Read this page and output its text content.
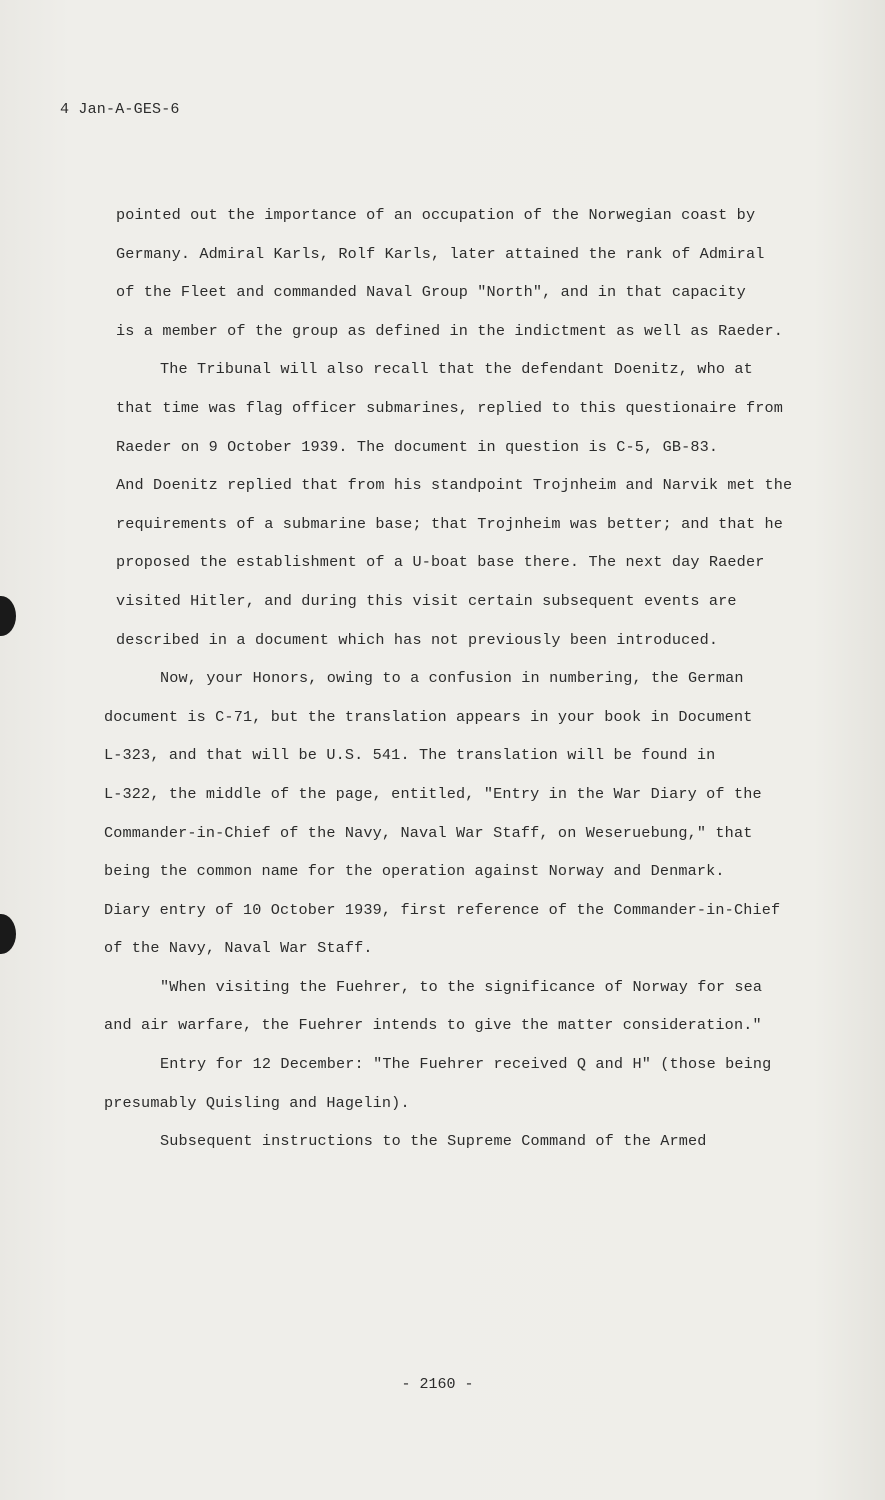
4 Jan-A-GES-6
pointed out the importance of an occupation of the Norwegian coast by
Germany. Admiral Karls, Rolf Karls, later attained the rank of Admiral
of the Fleet and commanded Naval Group "North", and in that capacity
is a member of the group as defined in the indictment as well as Raeder.
The Tribunal will also recall that the defendant Doenitz, who at
that time was flag officer submarines, replied to this questionaire from
Raeder on 9 October 1939. The document in question is C-5, GB-83.
And Doenitz replied that from his standpoint Trojnheim and Narvik met the
requirements of a submarine base; that Trojnheim was better; and that he
proposed the establishment of a U-boat base there. The next day Raeder
visited Hitler, and during this visit certain subsequent events are
described in a document which has not previously been introduced.
Now, your Honors, owing to a confusion in numbering, the German
document is C-71, but the translation appears in your book in Document
L-323, and that will be U.S. 541. The translation will be found in
L-322, the middle of the page, entitled, "Entry in the War Diary of the
Commander-in-Chief of the Navy, Naval War Staff, on Weseruebung," that
being the common name for the operation against Norway and Denmark.
Diary entry of 10 October 1939, first reference of the Commander-in-Chief
of the Navy, Naval War Staff.
"When visiting the Fuehrer, to the significance of Norway for sea
and air warfare, the Fuehrer intends to give the matter consideration."
Entry for 12 December: "The Fuehrer received Q and H" (those being
presumably Quisling and Hagelin).
Subsequent instructions to the Supreme Command of the Armed
- 2160 -
